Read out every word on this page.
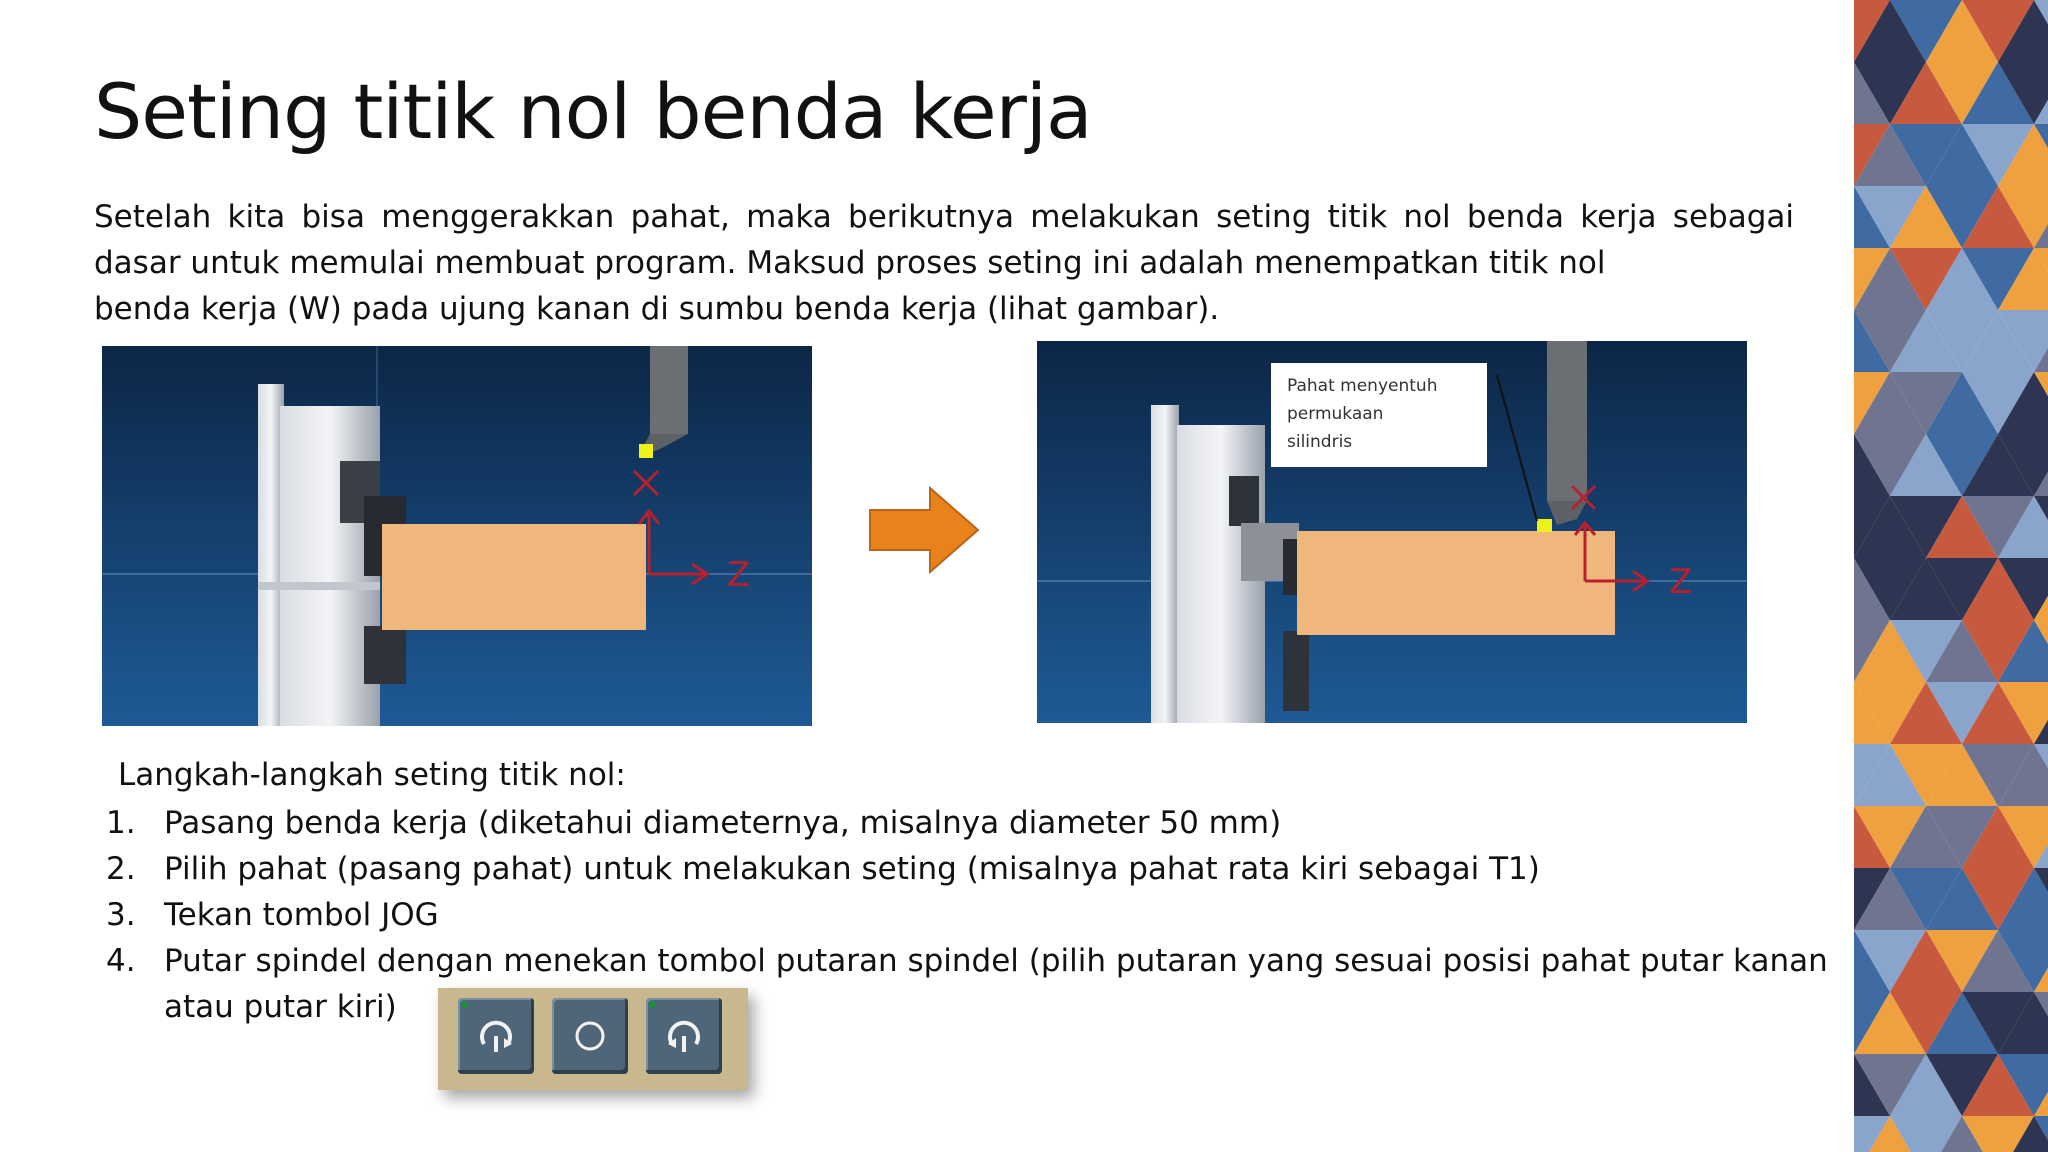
Seting titik nol benda kerja
Setelah kita bisa menggerakkan pahat, maka berikutnya melakukan seting titik nol benda kerja sebagai
dasar untuk memulai membuat program. Maksud proses seting ini adalah menempatkan titik nol
benda kerja (W) pada ujung kanan di sumbu benda kerja (lihat gambar).
Z	Z
Pahat menyentuh permukaan silindris
Langkah-langkah seting titik nol:
1. Pasang benda kerja (diketahui diameternya, misalnya diameter 50 mm)
2. Pilih pahat (pasang pahat) untuk melakukan seting (misalnya pahat rata kiri sebagai T1)
3. Tekan tombol JOG
4. Putar spindel dengan menekan tombol putaran spindel (pilih putaran yang sesuai posisi pahat putar kanan
atau putar kiri)
